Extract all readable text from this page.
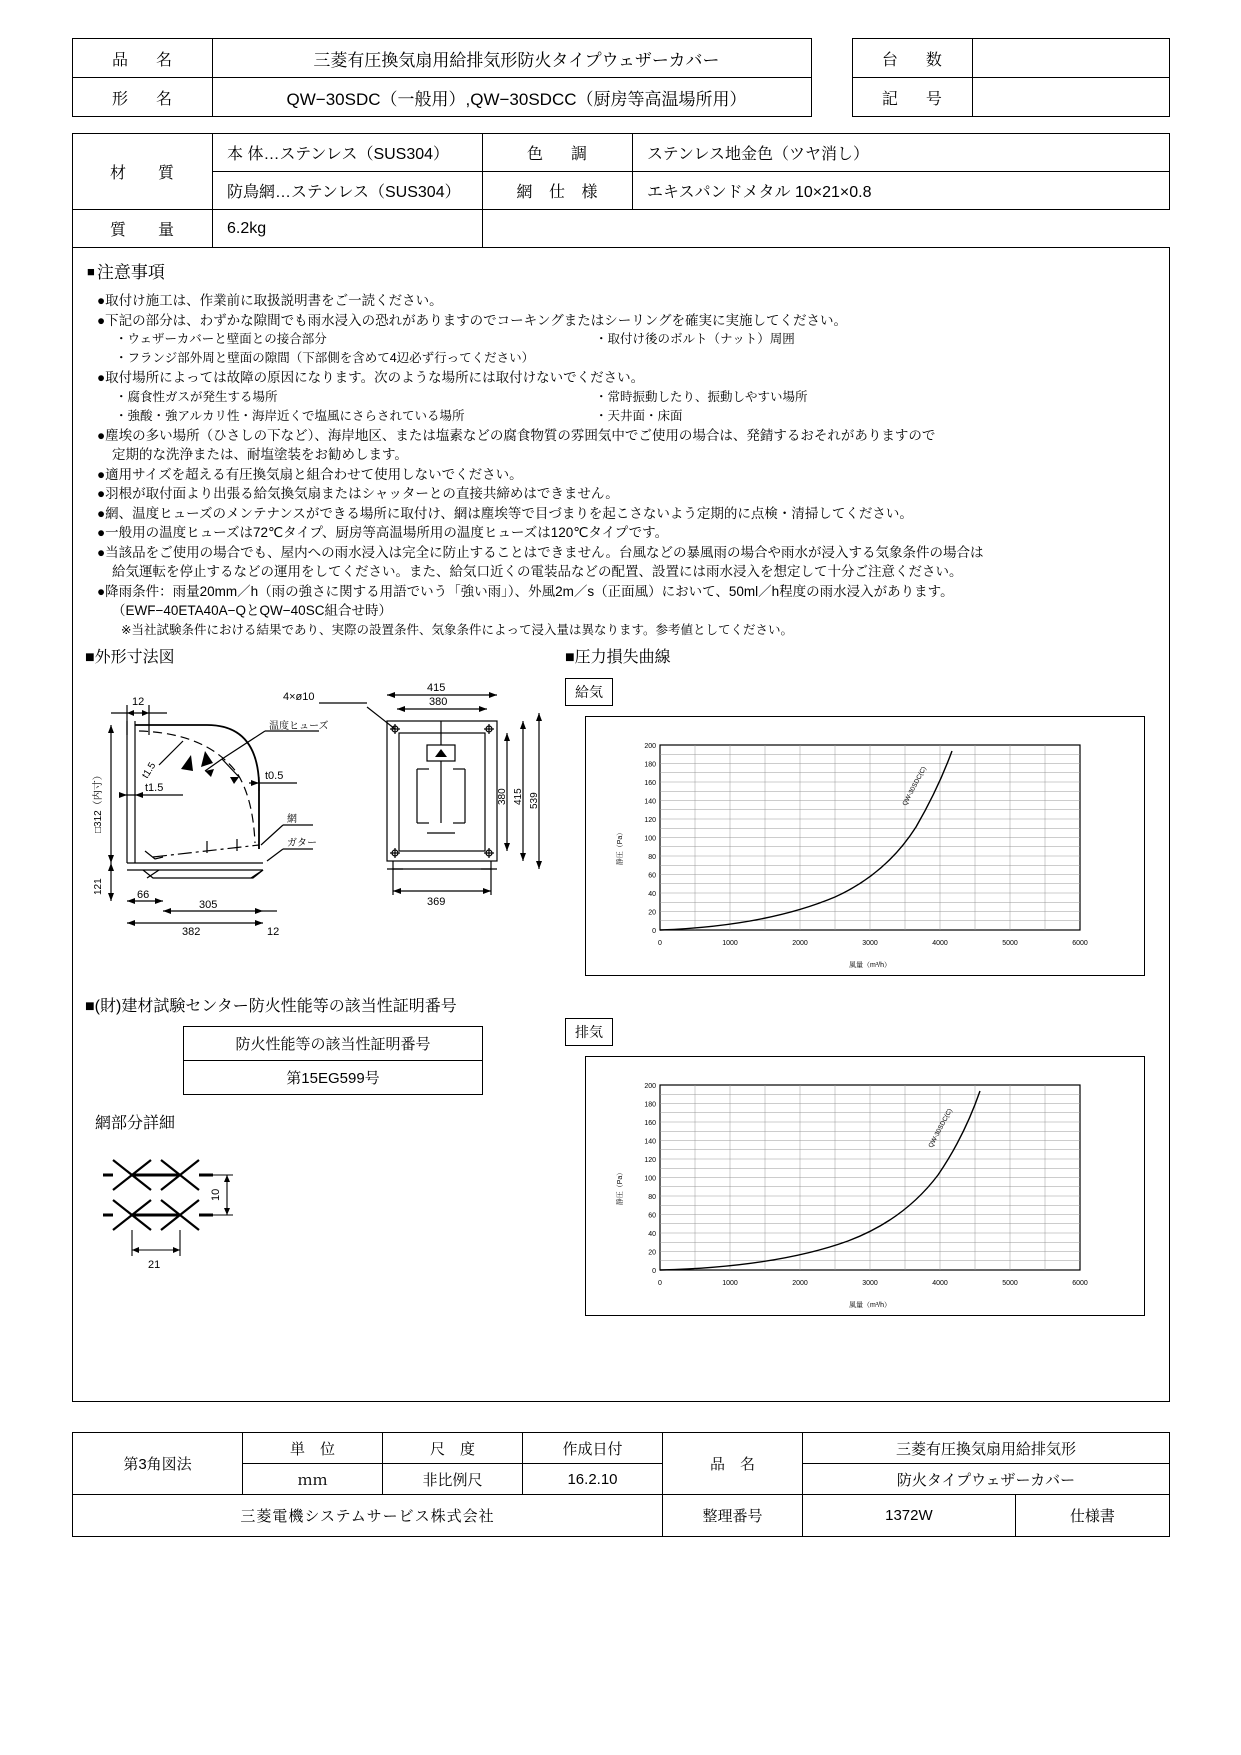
品　名	三菱有圧換気扇用給排気形防火タイプウェザーカバー
形　名	QW−30SDC（一般用）,QW−30SDCC（厨房等高温場所用）
台　数	
記　号	
材　質	本 体…ステンレス（SUS304）	色　調	ステンレス地金色（ツヤ消し）
	防鳥網…ステンレス（SUS304）	網 仕 様	エキスパンドメタル 10×21×0.8
質　量	6.2kg		
■ 注意事項
●取付け施工は、作業前に取扱説明書をご一読ください。
●下記の部分は、わずかな隙間でも雨水浸入の恐れがありますのでコーキングまたはシーリングを確実に実施してください。
・ウェザーカバーと壁面との接合部分	・取付け後のボルト（ナット）周囲
・フランジ部外周と壁面の隙間（下部側を含めて4辺必ず行ってください）
●取付場所によっては故障の原因になります。次のような場所には取付けないでください。
・腐食性ガスが発生する場所	・常時振動したり、振動しやすい場所
・強酸・強アルカリ性・海岸近くで塩風にさらされている場所	・天井面・床面
●塵埃の多い場所（ひさしの下など）、海岸地区、または塩素などの腐食物質の雰囲気中でご使用の場合は、発錆するおそれがありますので
定期的な洗浄または、耐塩塗装をお勧めします。
●適用サイズを超える有圧換気扇と組合わせて使用しないでください。
●羽根が取付面より出張る給気換気扇またはシャッターとの直接共締めはできません。
●網、温度ヒューズのメンテナンスができる場所に取付け、網は塵埃等で目づまりを起こさないよう定期的に点検・清掃してください。
●一般用の温度ヒューズは72℃タイプ、厨房等高温場所用の温度ヒューズは120℃タイプです。
●当該品をご使用の場合でも、屋内への雨水浸入は完全に防止することはできません。台風などの暴風雨の場合や雨水が浸入する気象条件の場合は
給気運転を停止するなどの運用をしてください。また、給気口近くの電装品などの配置、設置には雨水浸入を想定して十分ご注意ください。
●降雨条件：雨量20mm／h（雨の強さに関する用語でいう「強い雨」）、外風2m／s（正面風）において、50ml／h程度の雨水浸入があります。
（EWF−40ETA40A−QとQW−40SC組合せ時）
※当社試験条件における結果であり、実際の設置条件、気象条件によって浸入量は異なります。参考値としてください。
■外形寸法図	■圧力損失曲線
12
温度ヒューズ
□312（内寸）	t1.5
t1.5
t0.5
網
ガター
121	66
305
382	12
4×ø10
415
380
380 415 539
369
■(財)建材試験センター防火性能等の該当性証明番号
防火性能等の該当性証明番号
第15EG599号
網部分詳細
10
21
給気
200
180
160
140
120
100
80
60
40
20
0
0	1000	2000	3000	4000	5000	6000
静圧（Pa）
風量（m³/h）
QW-30SDC(C)
排気
200
180
160
140
120
100
80
60
40
20
0
0	1000	2000	3000	4000	5000	6000
静圧（Pa）
風量（m³/h）
QW-30SDC(C)
第3角図法	単　位	尺　度	作成日付	品　名	三菱有圧換気扇用給排気形
ｍｍ	非比例尺	16.2.10	防火タイプウェザーカバー
三菱電機システムサービス株式会社	整理番号		1372W	仕様書
